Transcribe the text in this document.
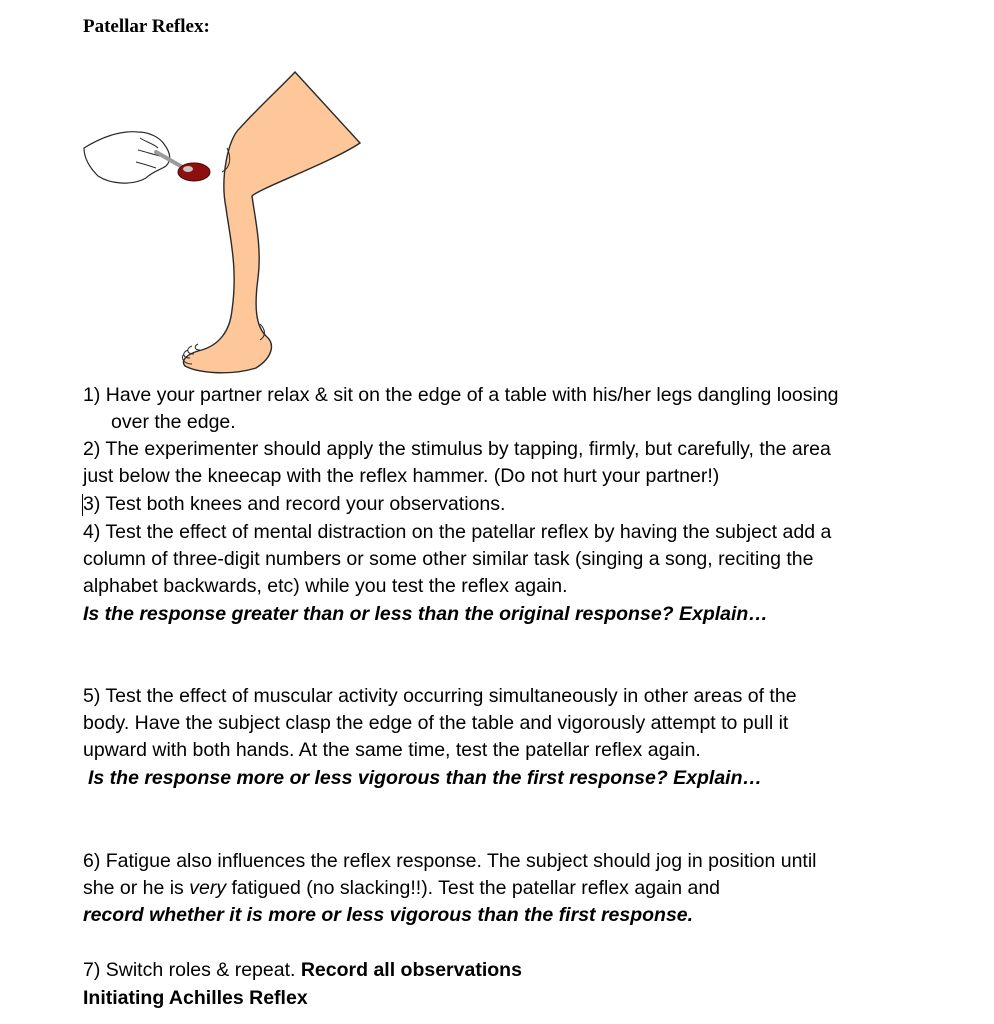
Patellar Reflex:
1) Have your partner relax & sit on the edge of a table with his/her legs dangling loosing
over the edge.
2) The experimenter should apply the stimulus by tapping, firmly, but carefully, the area
just below the kneecap with the reflex hammer. (Do not hurt your partner!)
3) Test both knees and record your observations.
4) Test the effect of mental distraction on the patellar reflex by having the subject add a
column of three-digit numbers or some other similar task (singing a song, reciting the
alphabet backwards, etc) while you test the reflex again.
Is the response greater than or less than the original response? Explain…
5) Test the effect of muscular activity occurring simultaneously in other areas of the
body. Have the subject clasp the edge of the table and vigorously attempt to pull it
upward with both hands. At the same time, test the patellar reflex again.
Is the response more or less vigorous than the first response? Explain…
6) Fatigue also influences the reflex response. The subject should jog in position until
she or he is very fatigued (no slacking!!). Test the patellar reflex again and
record whether it is more or less vigorous than the first response.
7) Switch roles & repeat. Record all observations
Initiating Achilles Reflex
